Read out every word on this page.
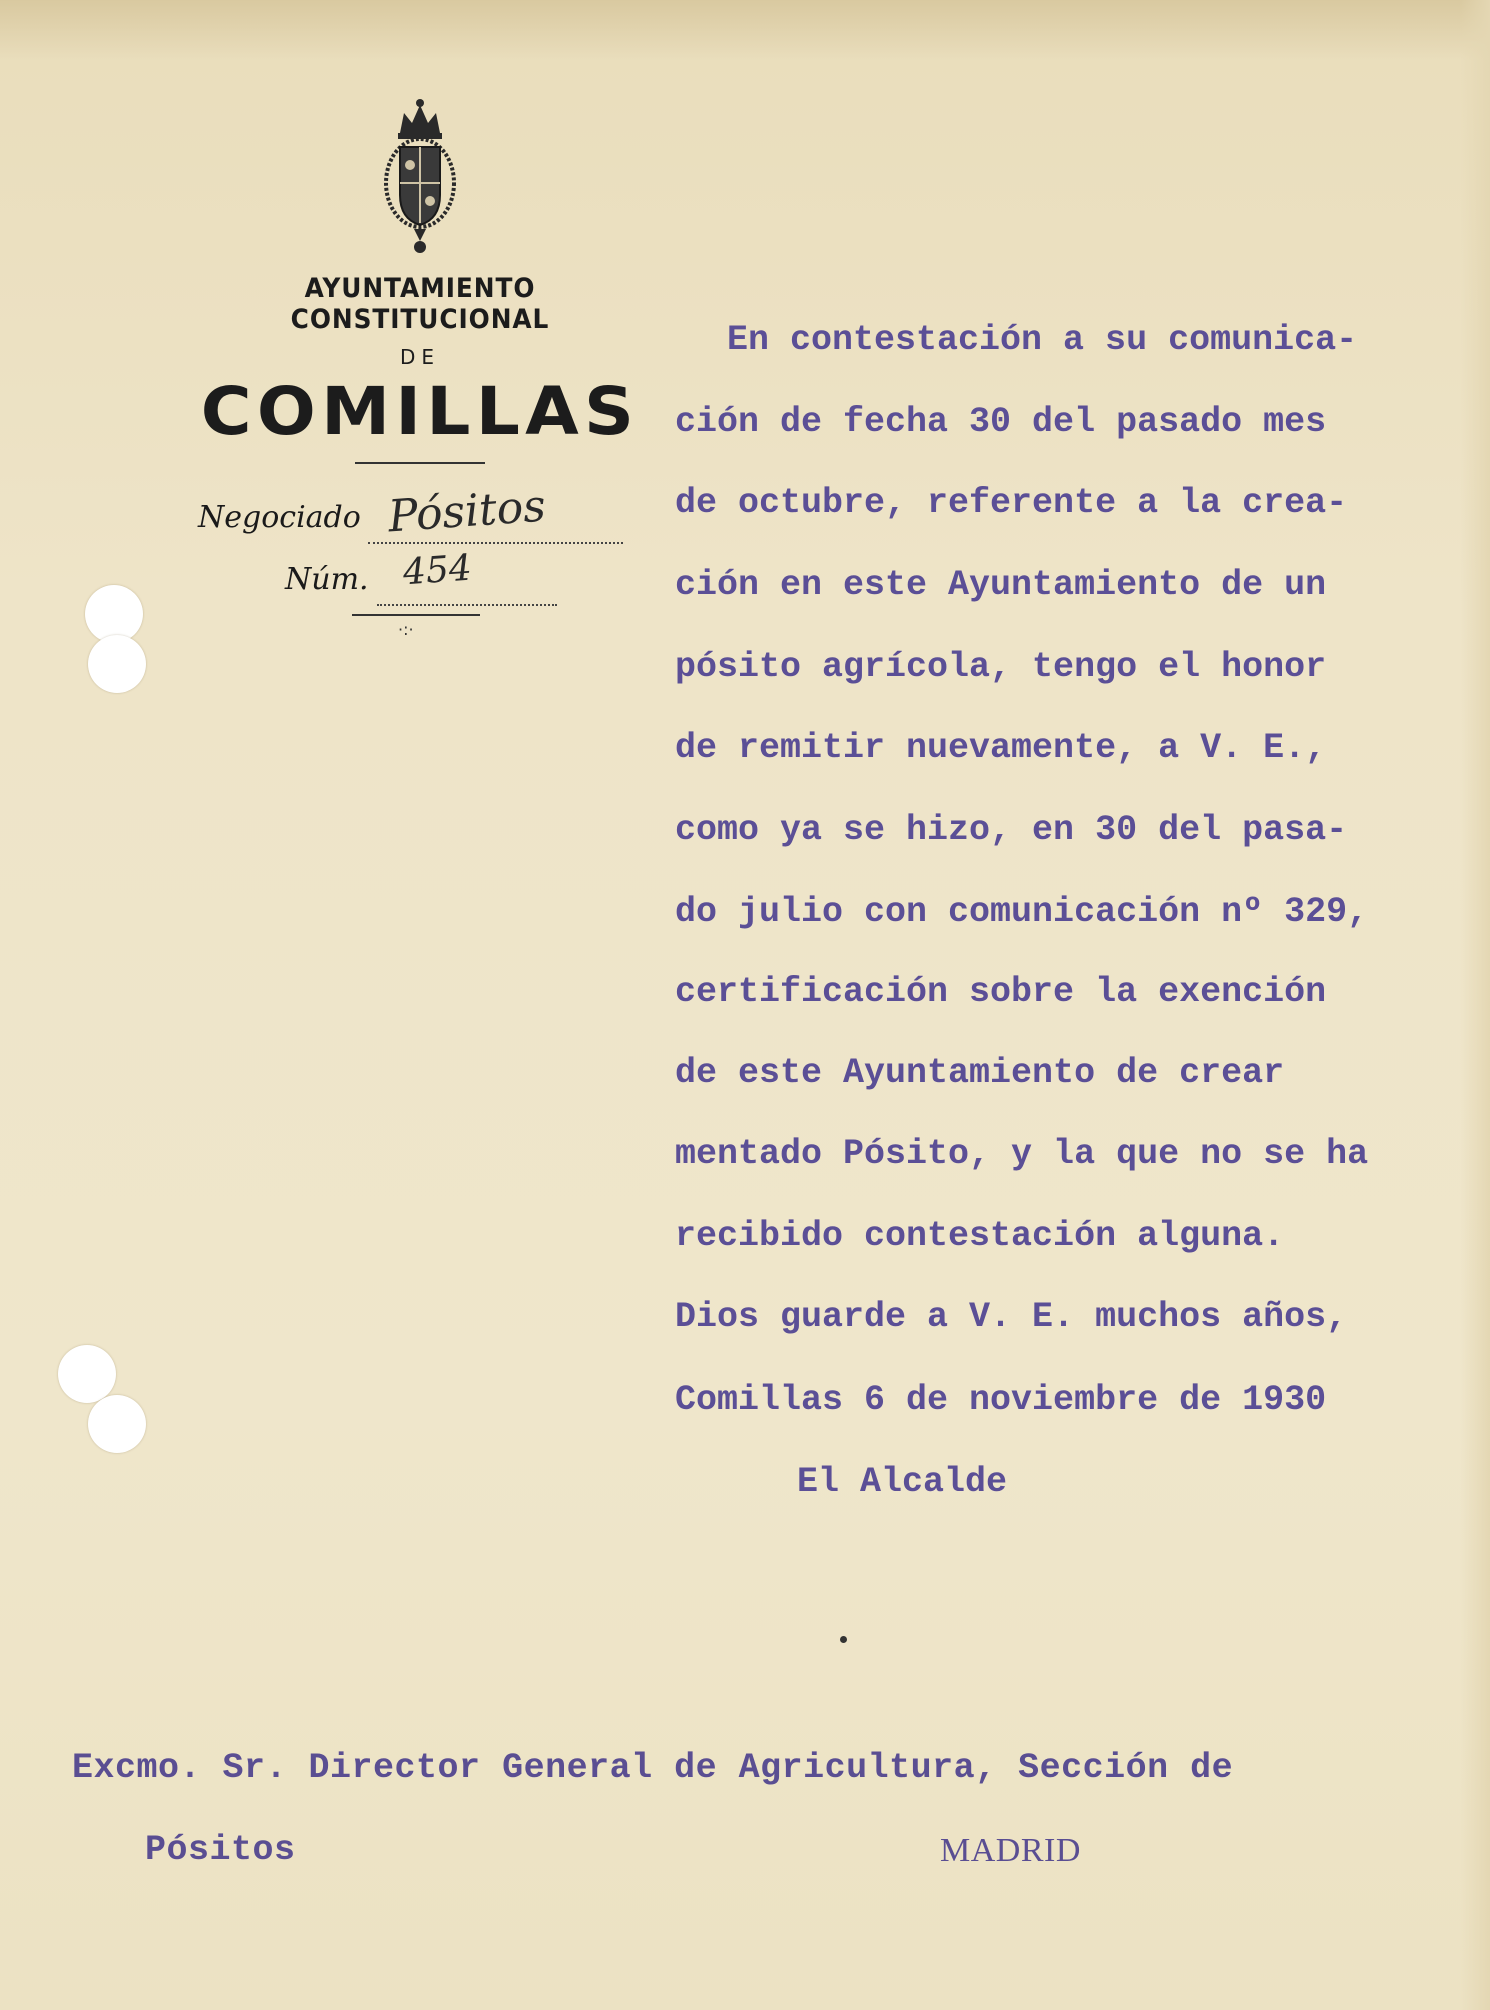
AYUNTAMIENTO CONSTITUCIONAL
DE
COMILLAS
Negociado Pósitos
Núm. 454
·:·
En contestación a su comunica-
ción de fecha 30 del pasado mes
de octubre, referente a la crea-
ción en este Ayuntamiento de un
pósito agrícola, tengo el honor
de remitir nuevamente, a V. E.,
como ya se hizo, en 30 del pasa-
do julio con comunicación nº 329,
certificación sobre la exención
de este Ayuntamiento de crear
mentado Pósito, y la que no se ha
recibido contestación alguna.
Dios guarde a V. E. muchos años,
Comillas 6 de noviembre de 1930
El Alcalde
Excmo. Sr. Director General de Agricultura, Sección de
Pósitos	MADRID
